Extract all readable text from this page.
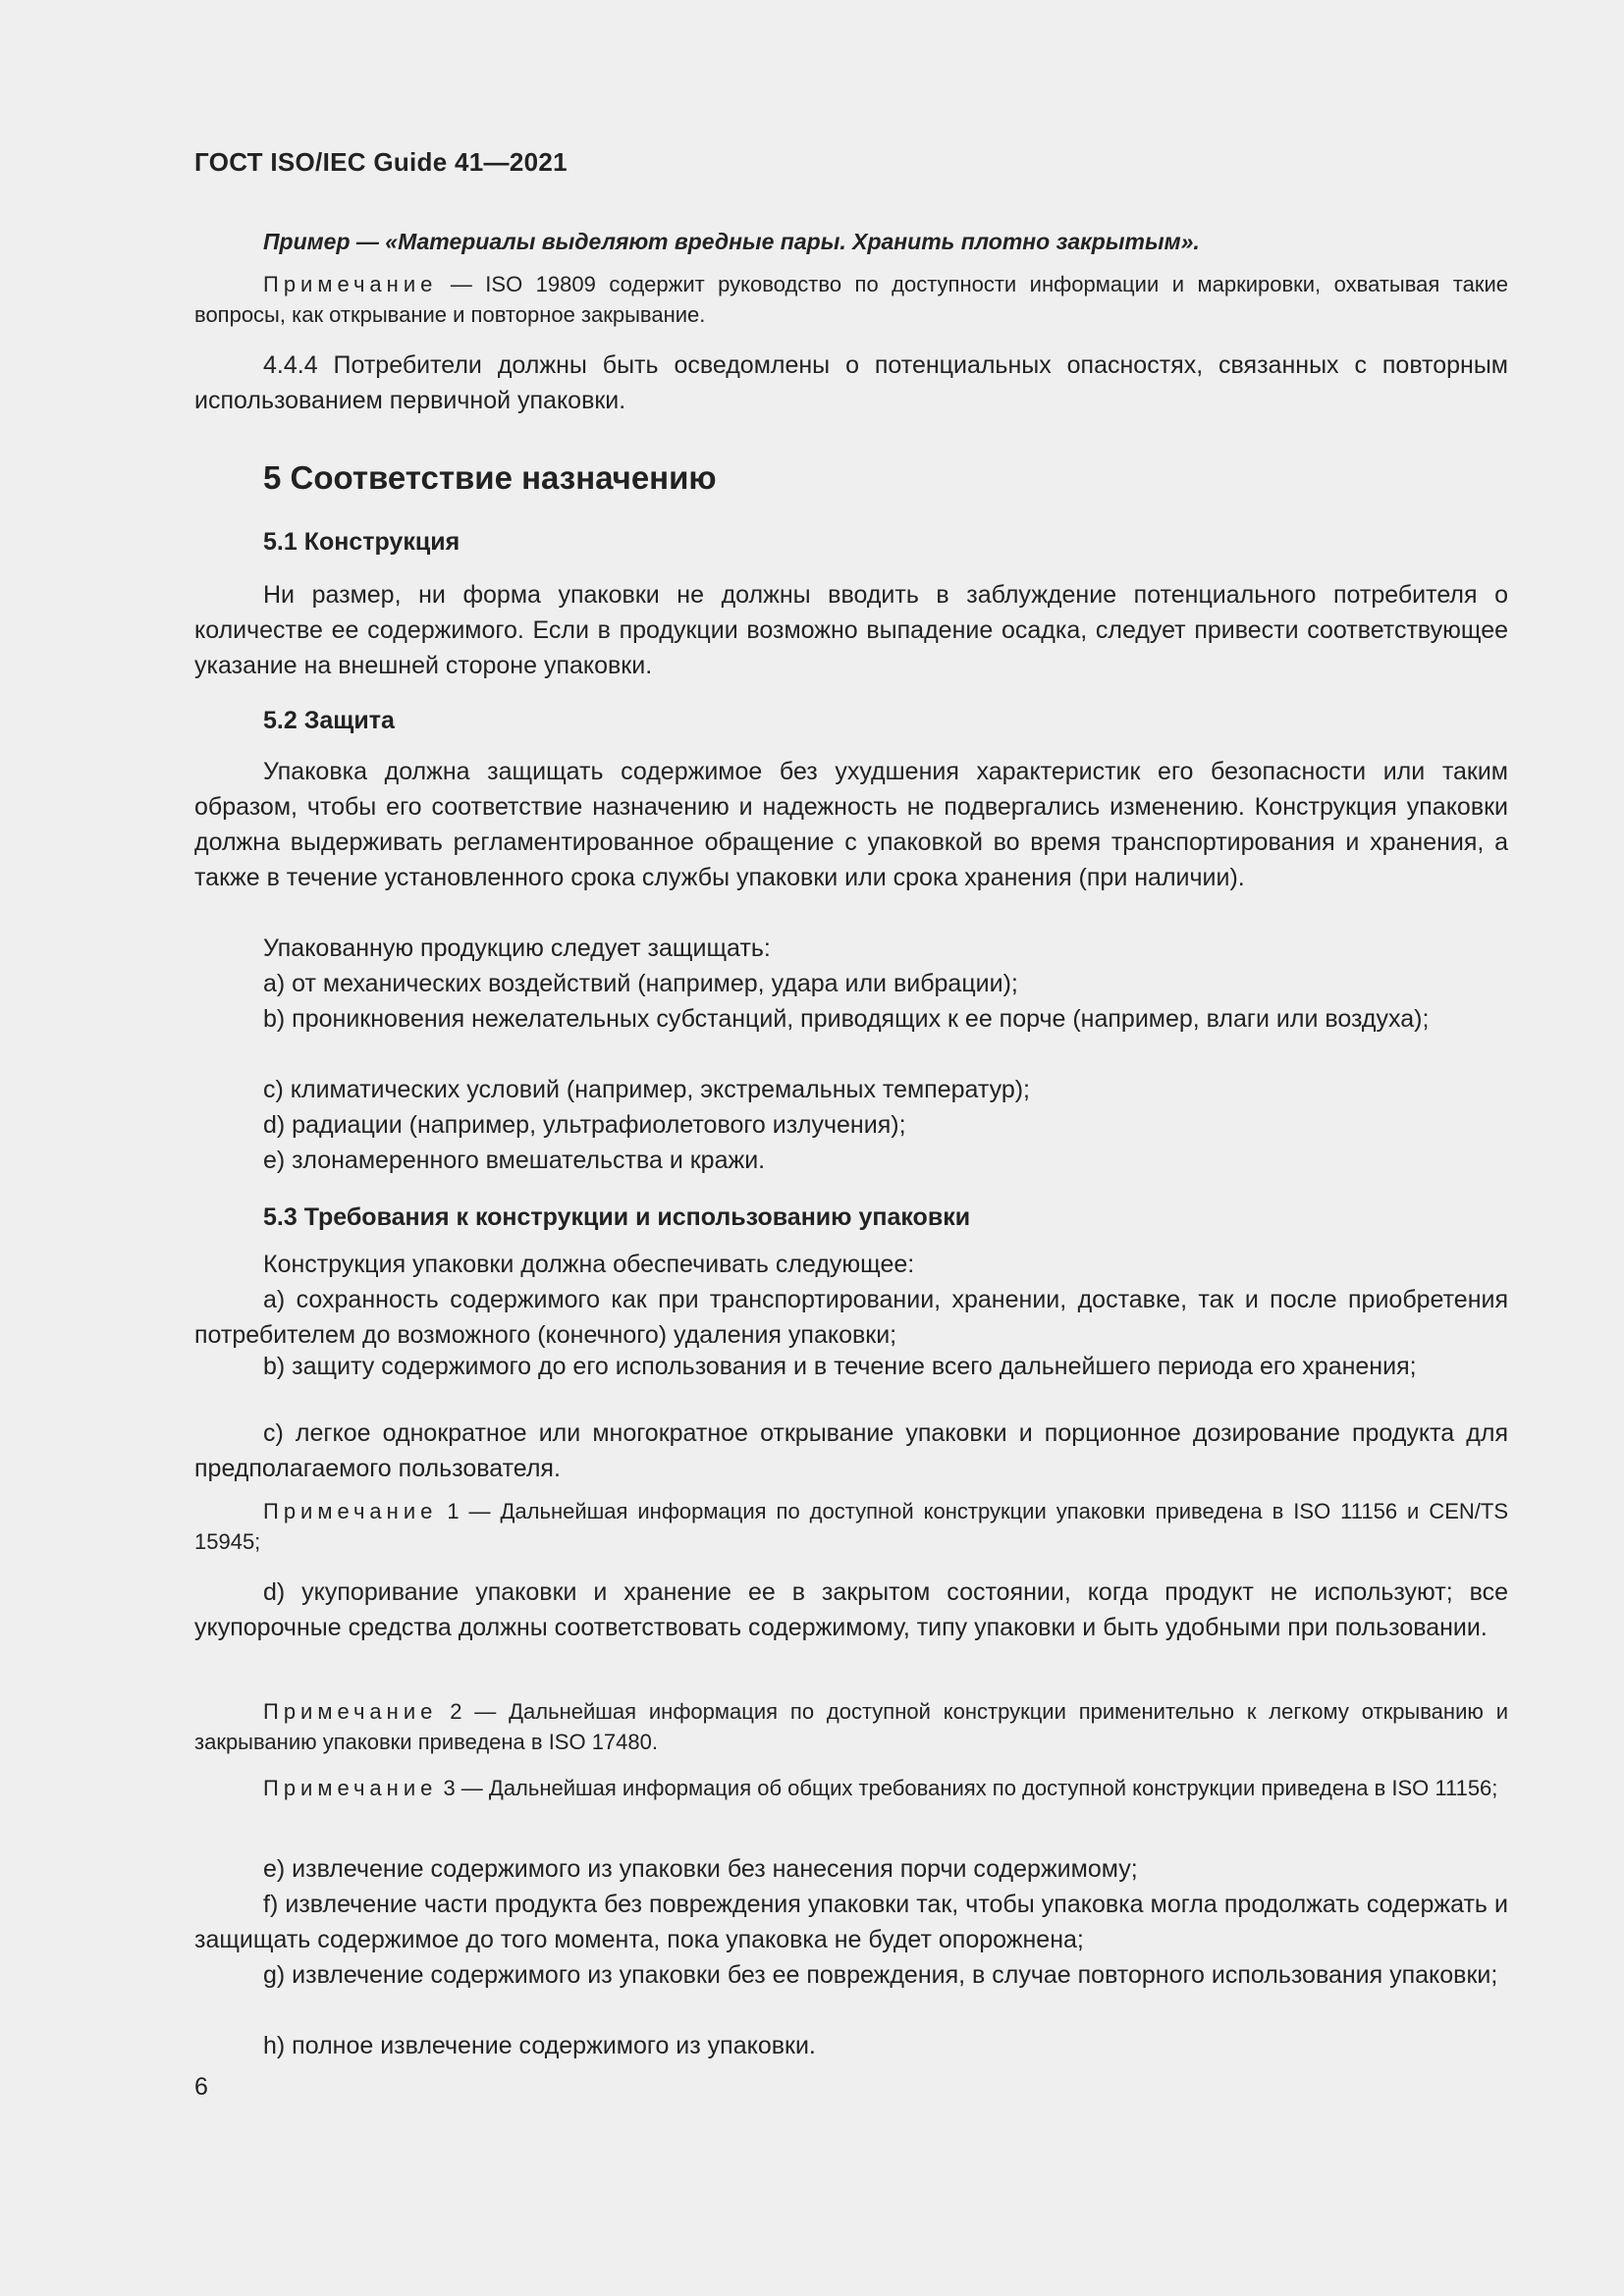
ГОСТ ISO/IEC Guide 41—2021

Пример — «Материалы выделяют вредные пары. Хранить плотно закрытым».

Примечание — ISO 19809 содержит руководство по доступности информации и маркировки, охватывая такие вопросы, как открывание и повторное закрывание.

4.4.4 Потребители должны быть осведомлены о потенциальных опасностях, связанных с повторным использованием первичной упаковки.

5 Соответствие назначению
5.1 Конструкция

Ни размер, ни форма упаковки не должны вводить в заблуждение потенциального потребителя о количестве ее содержимого. Если в продукции возможно выпадение осадка, следует привести соответствующее указание на внешней стороне упаковки.

5.2 Защита

Упаковка должна защищать содержимое без ухудшения характеристик его безопасности или таким образом, чтобы его соответствие назначению и надежность не подвергались изменению. Конструкция упаковки должна выдерживать регламентированное обращение с упаковкой во время транспортирования и хранения, а также в течение установленного срока службы упаковки или срока хранения (при наличии).

Упакованную продукцию следует защищать:

a) от механических воздействий (например, удара или вибрации);

b) проникновения нежелательных субстанций, приводящих к ее порче (например, влаги или воздуха);

c) климатических условий (например, экстремальных температур);

d) радиации (например, ультрафиолетового излучения);

e) злонамеренного вмешательства и кражи.

5.3 Требования к конструкции и использованию упаковки

Конструкция упаковки должна обеспечивать следующее:

a) сохранность содержимого как при транспортировании, хранении, доставке, так и после приобретения потребителем до возможного (конечного) удаления упаковки;

b) защиту содержимого до его использования и в течение всего дальнейшего периода его хранения;

c) легкое однократное или многократное открывание упаковки и порционное дозирование продукта для предполагаемого пользователя.

Примечание 1 — Дальнейшая информация по доступной конструкции упаковки приведена в ISO 11156 и CEN/TS 15945;

d) укупоривание упаковки и хранение ее в закрытом состоянии, когда продукт не используют; все укупорочные средства должны соответствовать содержимому, типу упаковки и быть удобными при пользовании.

Примечание 2 — Дальнейшая информация по доступной конструкции применительно к легкому открыванию и закрыванию упаковки приведена в ISO 17480.

Примечание 3 — Дальнейшая информация об общих требованиях по доступной конструкции приведена в ISO 11156;

e) извлечение содержимого из упаковки без нанесения порчи содержимому;

f) извлечение части продукта без повреждения упаковки так, чтобы упаковка могла продолжать содержать и защищать содержимое до того момента, пока упаковка не будет опорожнена;

g) извлечение содержимого из упаковки без ее повреждения, в случае повторного использования упаковки;

h) полное извлечение содержимого из упаковки.

6
